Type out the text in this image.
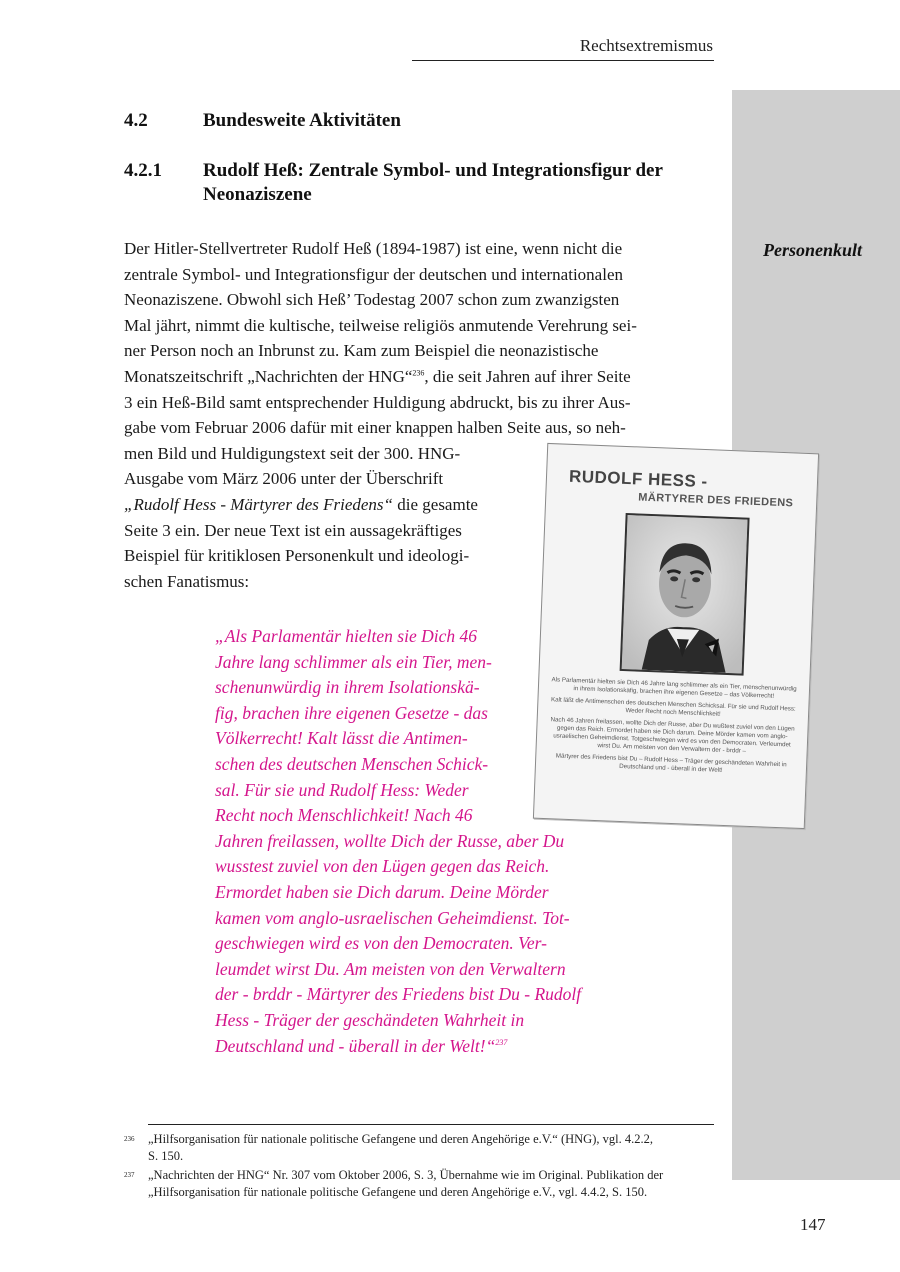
Rechtsextremismus
4.2	Bundesweite Aktivitäten
4.2.1 Rudolf Heß: Zentrale Symbol- und Integrationsfigur der
Neonaziszene
Personenkult
Der Hitler-Stellvertreter Rudolf Heß (1894-1987) ist eine, wenn nicht die
zentrale Symbol- und Integrationsfigur der deutschen und internationalen
Neonaziszene. Obwohl sich Heß’ Todestag 2007 schon zum zwanzigsten
Mal jährt, nimmt die kultische, teilweise religiös anmutende Verehrung sei-
ner Person noch an Inbrunst zu. Kam zum Beispiel die neonazistische
Monatszeitschrift „Nachrichten der HNG“$^{236}$, die seit Jahren auf ihrer Seite
3 ein Heß-Bild samt entsprechender Huldigung abdruckt, bis zu ihrer Aus-
gabe vom Februar 2006 dafür mit einer knappen halben Seite aus, so neh-
men Bild und Huldigungstext seit der 300. HNG-
Ausgabe vom März 2006 unter der Überschrift
„Rudolf Hess - Märtyrer des Friedens“ die gesamte
Seite 3 ein. Der neue Text ist ein aussagekräftiges
Beispiel für kritiklosen Personenkult und ideologi-
schen Fanatismus:
„Als Parlamentär hielten sie Dich 46
Jahre lang schlimmer als ein Tier, men-
schenunwürdig in ihrem Isolationskä-
fig, brachen ihre eigenen Gesetze - das
Völkerrecht! Kalt lässt die Antimen-
schen des deutschen Menschen Schick-
sal. Für sie und Rudolf Hess: Weder
Recht noch Menschlichkeit! Nach 46
Jahren freilassen, wollte Dich der Russe, aber Du
wusstest zuviel von den Lügen gegen das Reich.
Ermordet haben sie Dich darum. Deine Mörder
kamen vom anglo-usraelischen Geheimdienst. Tot-
geschwiegen wird es von den Democraten. Ver-
leumdet wirst Du. Am meisten von den Verwaltern
der - brddr - Märtyrer des Friedens bist Du - Rudolf
Hess - Träger der geschändeten Wahrheit in
Deutschland und - überall in der Welt!“$^{237}$
RUDOLF HESS -
MÄRTYRER DES FRIEDENS

Als Parlamentär hielten sie Dich 46 Jahre lang schlimmer als ein Tier, menschenunwürdig in ihrem Isolationskäfig, brachen ihre eigenen Gesetze – das Völkerrecht!

Kalt läßt die Antimenschen des deutschen Menschen Schicksal. Für sie und Rudolf Hess: Weder Recht noch Menschlichkeit!

Nach 46 Jahren freilassen, wollte Dich der Russe, aber Du wußtest zuviel von den Lügen gegen das Reich. Ermordet haben sie Dich darum. Deine Mörder kamen vom anglo-usraelischen Geheimdienst. Totgeschwiegen wird es von den Democraten. Verleumdet wirst Du. Am meisten von den Verwaltern der - brddr –

Märtyrer des Friedens bist Du – Rudolf Hess – Träger der geschändeten Wahrheit in Deutschland und - überall in der Welt!

236 „Hilfsorganisation für nationale politische Gefangene und deren Angehörige e.V.“ (HNG), vgl. 4.2.2,
S. 150.
237 „Nachrichten der HNG“ Nr. 307 vom Oktober 2006, S. 3, Übernahme wie im Original. Publikation der
„Hilfsorganisation für nationale politische Gefangene und deren Angehörige e.V., vgl. 4.4.2, S. 150.
147
